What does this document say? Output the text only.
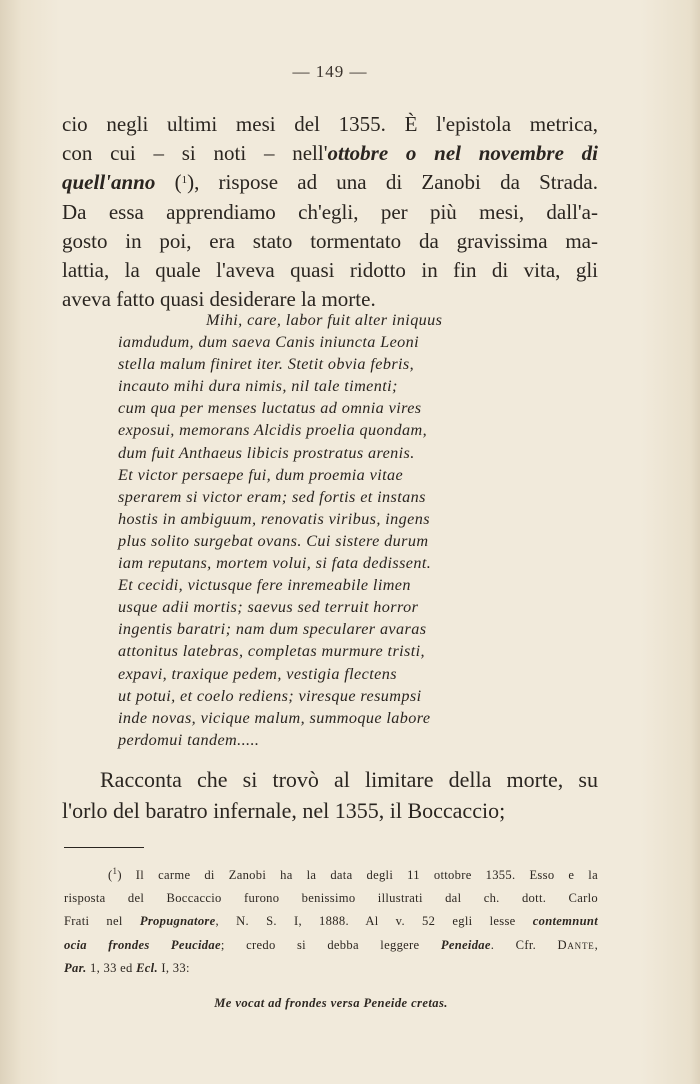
— 149 —
cio negli ultimi mesi del 1355. È l'epistola metrica,
con cui – si noti – nell'ottobre o nel novembre di
quell'anno ($^1$), rispose ad una di Zanobi da Strada.
Da essa apprendiamo ch'egli, per più mesi, dall'a-
gosto in poi, era stato tormentato da gravissima ma-
lattia, la quale l'aveva quasi ridotto in fin di vita, gli
aveva fatto quasi desiderare la morte.
Mihi, care, labor fuit alter iniquus
iamdudum, dum saeva Canis iniuncta Leoni
stella malum finiret iter. Stetit obvia febris,
incauto mihi dura nimis, nil tale timenti;
cum qua per menses luctatus ad omnia vires
exposui, memorans Alcidis proelia quondam,
dum fuit Anthaeus libicis prostratus arenis.
Et victor persaepe fui, dum proemia vitae
sperarem si victor eram; sed fortis et instans
hostis in ambiguum, renovatis viribus, ingens
plus solito surgebat ovans. Cui sistere durum
iam reputans, mortem volui, si fata dedissent.
Et cecidi, victusque fere inremeabile limen
usque adii mortis; saevus sed terruit horror
ingentis baratri; nam dum specularer avaras
attonitus latebras, completas murmure tristi,
expavi, traxique pedem, vestigia flectens
ut potui, et coelo rediens; viresque resumpsi
inde novas, vicique malum, summoque labore
perdomui tandem.....
Racconta che si trovò al limitare della morte, su
l'orlo del baratro infernale, nel 1355, il Boccaccio;
($^1$) Il carme di Zanobi ha la data degli 11 ottobre 1355. Esso e la
risposta del Boccaccio furono benissimo illustrati dal ch. dott. Carlo
Frati nel Propugnatore, N. S. I, 1888. Al v. 52 egli lesse contemnunt
ocia frondes Peucidae; credo si debba leggere Peneidae. Cfr. Dante,
Par. 1, 33 ed Ecl. I, 33:
Me vocat ad frondes versa Peneide cretas.
